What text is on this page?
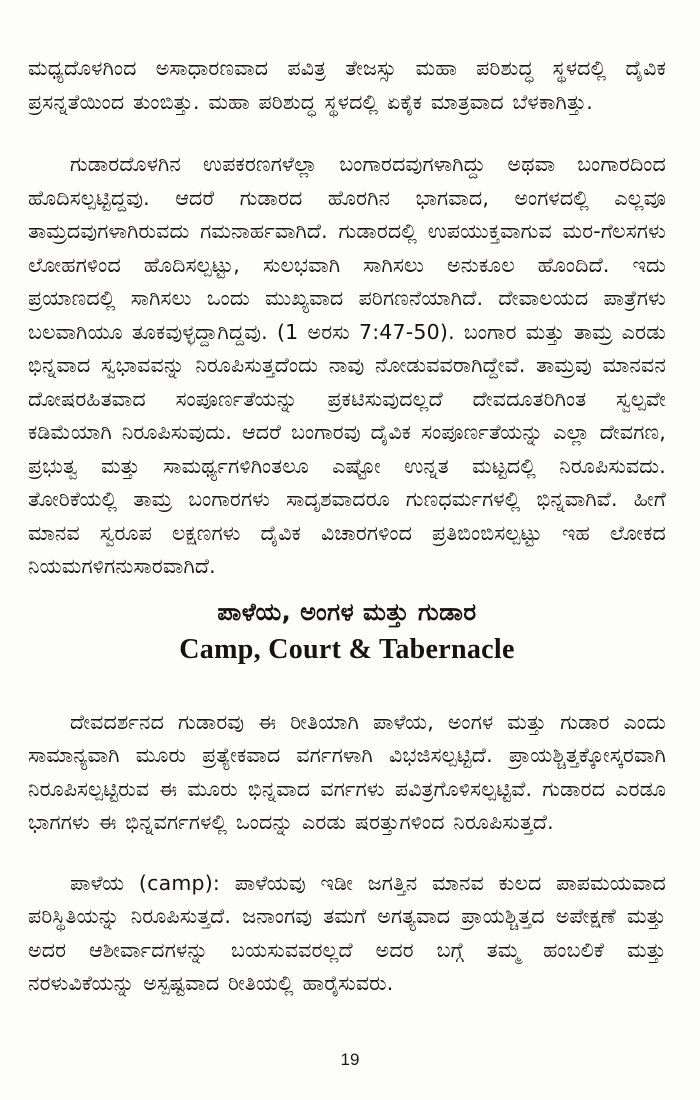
ಮಧ್ಯದೊಳಗಿಂದ ಅಸಾಧಾರಣವಾದ ಪವಿತ್ರ ತೇಜಸ್ಸು ಮಹಾ ಪರಿಶುದ್ಧ ಸ್ಥಳದಲ್ಲಿ ದೈವಿಕ ಪ್ರಸನ್ನತೆಯಿಂದ ತುಂಬಿತ್ತು. ಮಹಾ ಪರಿಶುದ್ಧ ಸ್ಥಳದಲ್ಲಿ ಏಕೈಕ ಮಾತ್ರವಾದ ಬೆಳಕಾಗಿತ್ತು.

ಗುಡಾರದೊಳಗಿನ ಉಪಕರಣಗಳೆಲ್ಲಾ ಬಂಗಾರದವುಗಳಾಗಿದ್ದು ಅಥವಾ ಬಂಗಾರದಿಂದ ಹೊದಿಸಲ್ಪಟ್ಟಿದ್ದವು. ಆದರೆ ಗುಡಾರದ ಹೊರಗಿನ ಭಾಗವಾದ, ಅಂಗಳದಲ್ಲಿ ಎಲ್ಲವೂ ತಾಮ್ರದವುಗಳಾಗಿರುವದು ಗಮನಾರ್ಹವಾಗಿದೆ. ಗುಡಾರದಲ್ಲಿ ಉಪಯುಕ್ತವಾಗುವ ಮರ-ಗೆಲಸಗಳು ಲೋಹಗಳಿಂದ ಹೊದಿಸಲ್ಪಟ್ಟು, ಸುಲಭವಾಗಿ ಸಾಗಿಸಲು ಅನುಕೂಲ ಹೊಂದಿದೆ. ಇದು ಪ್ರಯಾಣದಲ್ಲಿ ಸಾಗಿಸಲು ಒಂದು ಮುಖ್ಯವಾದ ಪರಿಗಣನೆಯಾಗಿದೆ. ದೇವಾಲಯದ ಪಾತ್ರೆಗಳು ಬಲವಾಗಿಯೂ ತೂಕವುಳ್ಳದ್ದಾಗಿದ್ದವು. (1 ಅರಸು 7:47-50). ಬಂಗಾರ ಮತ್ತು ತಾಮ್ರ ಎರಡು ಭಿನ್ನವಾದ ಸ್ವಭಾವವನ್ನು ನಿರೂಪಿಸುತ್ತದೆಂದು ನಾವು ನೋಡುವವರಾಗಿದ್ದೇವೆ. ತಾಮ್ರವು ಮಾನವನ ದೋಷರಹಿತವಾದ ಸಂಪೂರ್ಣತೆಯನ್ನು ಪ್ರಕಟಿಸುವುದಲ್ಲದೆ ದೇವದೂತರಿಗಿಂತ ಸ್ವಲ್ಪವೇ ಕಡಿಮೆಯಾಗಿ ನಿರೂಪಿಸುವುದು. ಆದರೆ ಬಂಗಾರವು ದೈವಿಕ ಸಂಪೂರ್ಣತೆಯನ್ನು ಎಲ್ಲಾ ದೇವಗಣ, ಪ್ರಭುತ್ವ ಮತ್ತು ಸಾಮರ್ಥ್ಯಗಳಿಗಿಂತಲೂ ಎಷ್ಟೋ ಉನ್ನತ ಮಟ್ಟದಲ್ಲಿ ನಿರೂಪಿಸುವದು. ತೋರಿಕೆಯಲ್ಲಿ ತಾಮ್ರ ಬಂಗಾರಗಳು ಸಾದೃಶವಾದರೂ ಗುಣಧರ್ಮಗಳಲ್ಲಿ ಭಿನ್ನವಾಗಿವೆ. ಹೀಗೆ ಮಾನವ ಸ್ವರೂಪ ಲಕ್ಷಣಗಳು ದೈವಿಕ ವಿಚಾರಗಳಿಂದ ಪ್ರತಿಬಿಂಬಿಸಲ್ಪಟ್ಟು ಇಹ ಲೋಕದ ನಿಯಮಗಳಿಗನುಸಾರವಾಗಿದೆ.

ಪಾಳೆಯ, ಅಂಗಳ ಮತ್ತು ಗುಡಾರ
Camp, Court & Tabernacle

ದೇವದರ್ಶನದ ಗುಡಾರವು ಈ ರೀತಿಯಾಗಿ ಪಾಳೆಯ, ಅಂಗಳ ಮತ್ತು ಗುಡಾರ ಎಂದು ಸಾಮಾನ್ಯವಾಗಿ ಮೂರು ಪ್ರತ್ಯೇಕವಾದ ವರ್ಗಗಳಾಗಿ ವಿಭಜಿಸಲ್ಪಟ್ಟಿದೆ. ಪ್ರಾಯಶ್ಚಿತ್ತಕ್ಕೋಸ್ಕರವಾಗಿ ನಿರೂಪಿಸಲ್ಪಟ್ಟಿರುವ ಈ ಮೂರು ಭಿನ್ನವಾದ ವರ್ಗಗಳು ಪವಿತ್ರಗೊಳಿಸಲ್ಪಟ್ಟಿವೆ. ಗುಡಾರದ ಎರಡೂ ಭಾಗಗಳು ಈ ಭಿನ್ನವರ್ಗಗಳಲ್ಲಿ ಒಂದನ್ನು ಎರಡು ಷರತ್ತುಗಳಿಂದ ನಿರೂಪಿಸುತ್ತದೆ.

ಪಾಳೆಯ (camp): ಪಾಳೆಯವು ಇಡೀ ಜಗತ್ತಿನ ಮಾನವ ಕುಲದ ಪಾಪಮಯವಾದ ಪರಿಸ್ಥಿತಿಯನ್ನು ನಿರೂಪಿಸುತ್ತದೆ. ಜನಾಂಗವು ತಮಗೆ ಅಗತ್ಯವಾದ ಪ್ರಾಯಶ್ಚಿತ್ತದ ಅಪೇಕ್ಷಣೆ ಮತ್ತು ಅದರ ಆಶೀರ್ವಾದಗಳನ್ನು ಬಯಸುವವರಲ್ಲದೆ ಅದರ ಬಗ್ಗೆ ತಮ್ಮ ಹಂಬಲಿಕೆ ಮತ್ತು ನರಳುವಿಕೆಯನ್ನು ಅಸ್ಪಷ್ಟವಾದ ರೀತಿಯಲ್ಲಿ ಹಾರೈಸುವರು.

19
